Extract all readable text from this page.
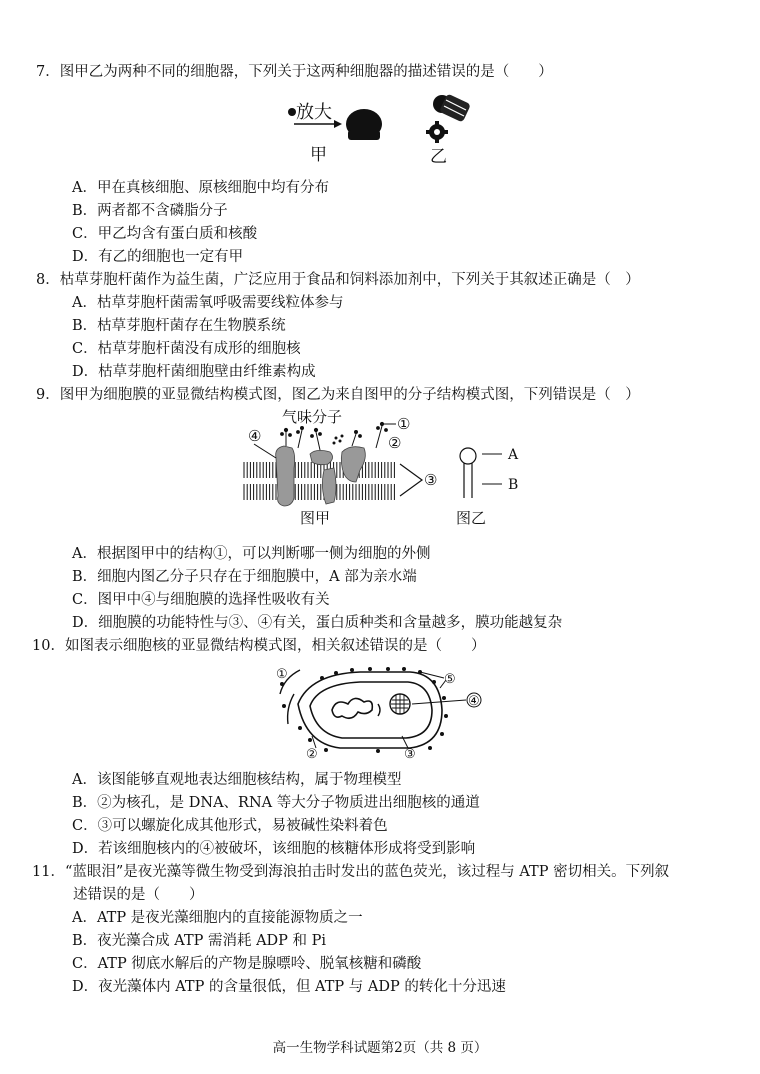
7．图甲乙为两种不同的细胞器，下列关于这两种细胞器的描述错误的是（　　）
放大
甲	乙
A．甲在真核细胞、原核细胞中均有分布
B．两者都不含磷脂分子
C．甲乙均含有蛋白质和核酸
D．有乙的细胞也一定有甲
8．枯草芽胞杆菌作为益生菌，广泛应用于食品和饲料添加剂中，下列关于其叙述正确是（　）
A．枯草芽胞杆菌需氧呼吸需要线粒体参与
B．枯草芽胞杆菌存在生物膜系统
C．枯草芽胞杆菌没有成形的细胞核
D．枯草芽胞杆菌细胞壁由纤维素构成
9．图甲为细胞膜的亚显微结构模式图，图乙为来自图甲的分子结构模式图，下列错误是（　）
气味分子	①
②
④
③
图甲
A
B
图乙
A．根据图甲中的结构①，可以判断哪一侧为细胞的外侧
B．细胞内图乙分子只存在于细胞膜中，A 部为亲水端
C．图甲中④与细胞膜的选择性吸收有关
D．细胞膜的功能特性与③、④有关，蛋白质种类和含量越多，膜功能越复杂
10．如图表示细胞核的亚显微结构模式图，相关叙述错误的是（　　）
④
⑤
①
②	③
A．该图能够直观地表达细胞核结构，属于物理模型
B．②为核孔，是 DNA、RNA 等大分子物质进出细胞核的通道
C．③可以螺旋化成其他形式，易被碱性染料着色
D．若该细胞核内的④被破坏，该细胞的核糖体形成将受到影响
11．“蓝眼泪”是夜光藻等微生物受到海浪拍击时发出的蓝色荧光，该过程与 ATP 密切相关。下列叙
述错误的是（　　）
A．ATP 是夜光藻细胞内的直接能源物质之一
B．夜光藻合成 ATP 需消耗 ADP 和 Pi
C．ATP 彻底水解后的产物是腺嘌呤、脱氧核糖和磷酸
D．夜光藻体内 ATP 的含量很低，但 ATP 与 ADP 的转化十分迅速
高一生物学科试题第2页（共 8 页）
